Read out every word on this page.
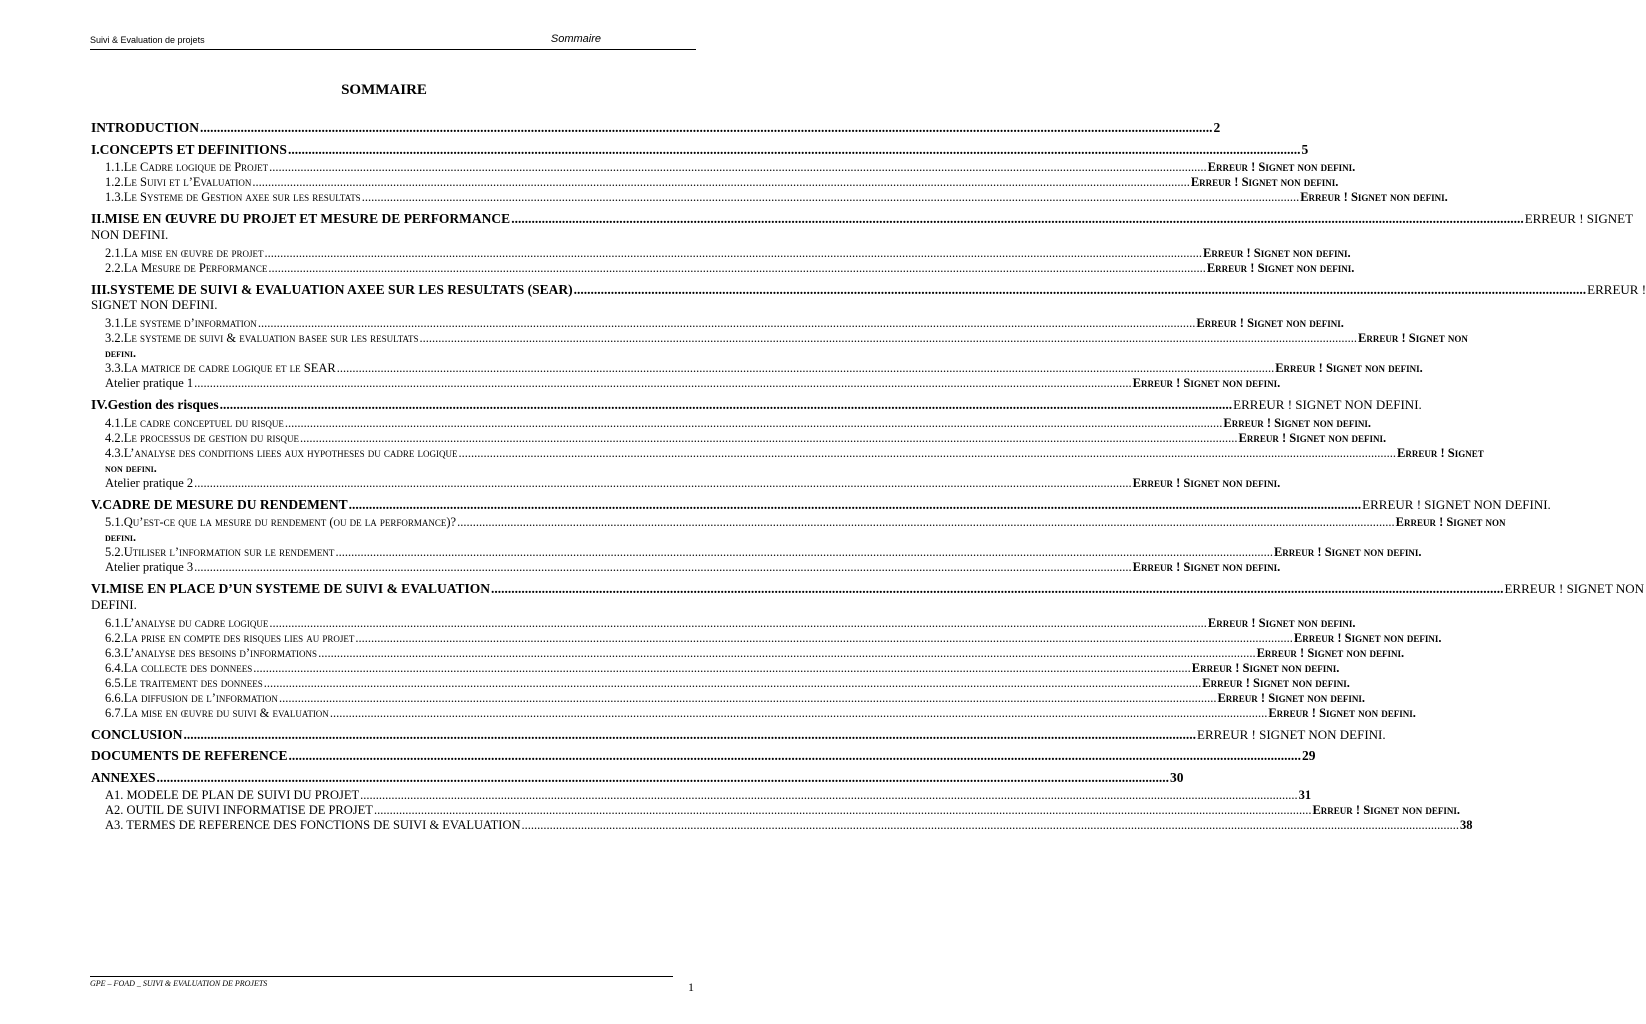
Suivi & Evaluation de projets	Sommaire
SOMMAIRE
INTRODUCTION ............................................................................................................................................................................................................................................................................................................ 2
I. CONCEPTS ET DEFINITIONS ............................................................................................................................................................................................................................................................................................................ 5
1.1. Le Cadre logique de Projet ............................................................................................................................................................................................................................................................................................................ Erreur ! Signet non defini.
1.2. Le Suivi et l’Evaluation ............................................................................................................................................................................................................................................................................................................ Erreur ! Signet non defini.
1.3. Le Systeme de Gestion axee sur les resultats ............................................................................................................................................................................................................................................................................................................ Erreur ! Signet non defini.
II. MISE EN ŒUVRE DU PROJET ET MESURE DE PERFORMANCE ............................................................................................................................................................................................................................................................................................................ ERREUR ! SIGNET
NON DEFINI.
2.1. La mise en œuvre de projet ............................................................................................................................................................................................................................................................................................................ Erreur ! Signet non defini.
2.2. La Mesure de Performance ............................................................................................................................................................................................................................................................................................................ Erreur ! Signet non defini.
III. SYSTEME DE SUIVI & EVALUATION AXEE SUR LES RESULTATS (SEAR) ............................................................................................................................................................................................................................................................................................................ ERREUR !
SIGNET NON DEFINI.
3.1. Le systeme d’information ............................................................................................................................................................................................................................................................................................................ Erreur ! Signet non defini.
3.2. Le systeme de suivi & evaluation basee sur les resultats ............................................................................................................................................................................................................................................................................................................ Erreur ! Signet non
defini.
3.3. La matrice de cadre logique et le SEAR ............................................................................................................................................................................................................................................................................................................ Erreur ! Signet non defini.
Atelier pratique 1 ............................................................................................................................................................................................................................................................................................................ Erreur ! Signet non defini.
IV. Gestion des risques ............................................................................................................................................................................................................................................................................................................ ERREUR ! SIGNET NON DEFINI.
4.1. Le cadre conceptuel du risque ............................................................................................................................................................................................................................................................................................................ Erreur ! Signet non defini.
4.2. Le processus de gestion du risque ............................................................................................................................................................................................................................................................................................................ Erreur ! Signet non defini.
4.3. L’analyse des conditions liees aux hypotheses du cadre logique ............................................................................................................................................................................................................................................................................................................ Erreur ! Signet
non defini.
Atelier pratique 2 ............................................................................................................................................................................................................................................................................................................ Erreur ! Signet non defini.
V. CADRE DE MESURE DU RENDEMENT ............................................................................................................................................................................................................................................................................................................ ERREUR ! SIGNET NON DEFINI.
5.1. Qu’est-ce que la mesure du rendement (ou de la performance)? ............................................................................................................................................................................................................................................................................................................ Erreur ! Signet non
defini.
5.2. Utiliser l’information sur le rendement ............................................................................................................................................................................................................................................................................................................ Erreur ! Signet non defini.
Atelier pratique 3 ............................................................................................................................................................................................................................................................................................................ Erreur ! Signet non defini.
VI. MISE EN PLACE D’UN SYSTEME DE SUIVI & EVALUATION ............................................................................................................................................................................................................................................................................................................ ERREUR ! SIGNET NON
DEFINI.
6.1. L’analyse du cadre logique ............................................................................................................................................................................................................................................................................................................ Erreur ! Signet non defini.
6.2. La prise en compte des risques lies au projet ............................................................................................................................................................................................................................................................................................................ Erreur ! Signet non defini.
6.3. L’analyse des besoins d’informations ............................................................................................................................................................................................................................................................................................................ Erreur ! Signet non defini.
6.4. La collecte des donnees ............................................................................................................................................................................................................................................................................................................ Erreur ! Signet non defini.
6.5. Le traitement des donnees ............................................................................................................................................................................................................................................................................................................ Erreur ! Signet non defini.
6.6. La diffusion de l’information ............................................................................................................................................................................................................................................................................................................ Erreur ! Signet non defini.
6.7. La mise en œuvre du suivi & evaluation ............................................................................................................................................................................................................................................................................................................ Erreur ! Signet non defini.
CONCLUSION ............................................................................................................................................................................................................................................................................................................ ERREUR ! SIGNET NON DEFINI.
DOCUMENTS DE REFERENCE ............................................................................................................................................................................................................................................................................................................ 29
ANNEXES ............................................................................................................................................................................................................................................................................................................ 30
A1. MODELE DE PLAN DE SUIVI DU PROJET ............................................................................................................................................................................................................................................................................................................ 31
A2. OUTIL DE SUIVI INFORMATISE DE PROJET ............................................................................................................................................................................................................................................................................................................ Erreur ! Signet non defini.
A3. TERMES DE REFERENCE DES FONCTIONS DE SUIVI & EVALUATION ............................................................................................................................................................................................................................................................................................................ 38
GPE – FOAD _ SUIVI & EVALUATION DE PROJETS	1
